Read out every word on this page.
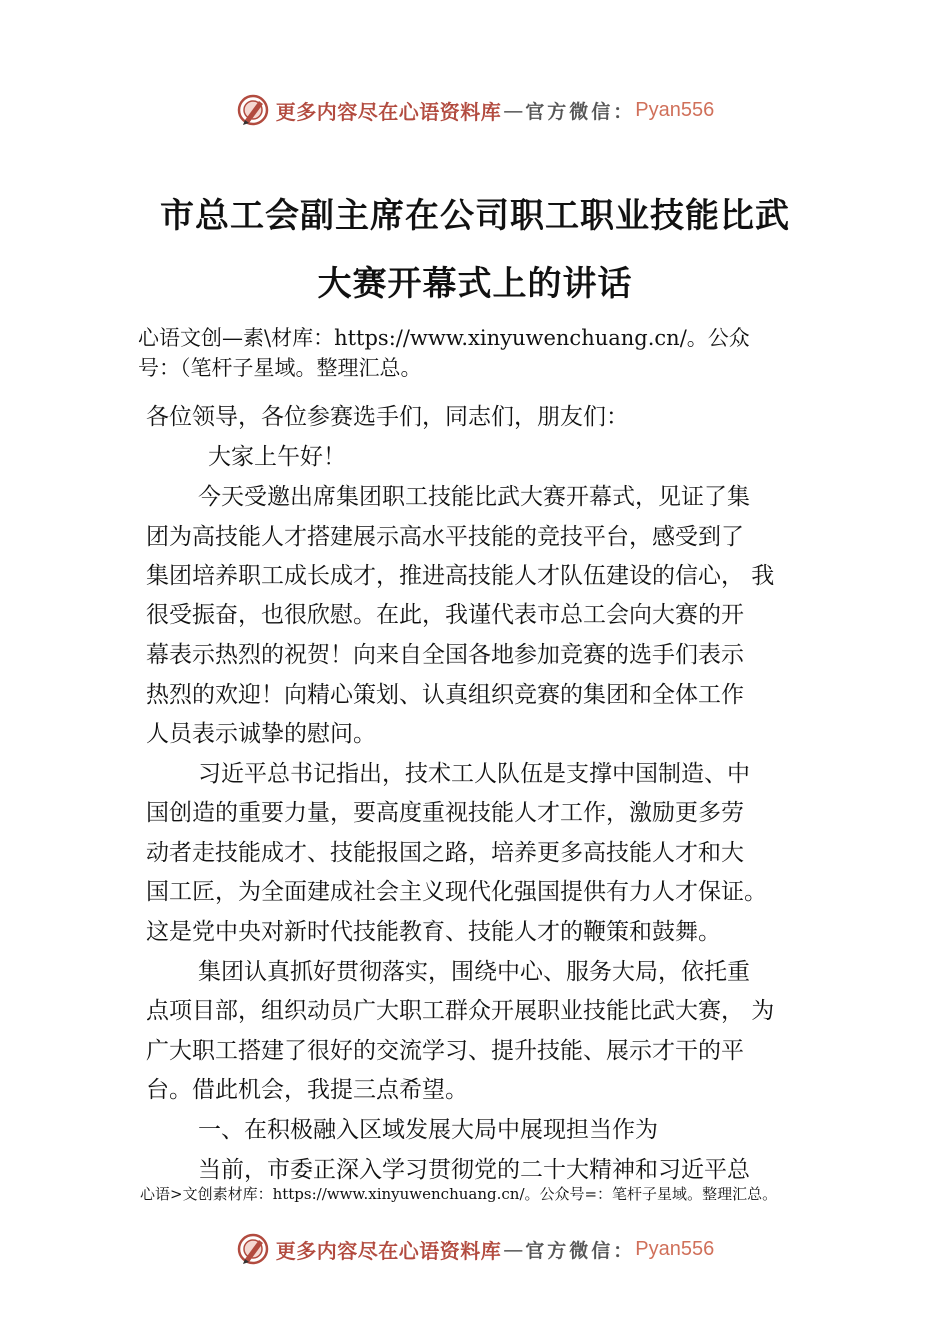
更多内容尽在心语资料库 — 官方微信： Pyan556
市总工会副主席在公司职工职业技能比武
大赛开幕式上的讲话
心语文创—素\材库：https://www.xinyuwenchuang.cn/。公众
号：（笔杆子星域。整理汇总。
各位领导，各位参赛选手们，同志们，朋友们：
大家上午好！
今天受邀出席集团职工技能比武大赛开幕式，见证了集
团为高技能人才搭建展示高水平技能的竞技平台，感受到了
集团培养职工成长成才，推进高技能人才队伍建设的信心， 我
很受振奋，也很欣慰。在此，我谨代表市总工会向大赛的开
幕表示热烈的祝贺！向来自全国各地参加竞赛的选手们表示
热烈的欢迎！向精心策划、认真组织竞赛的集团和全体工作
人员表示诚挚的慰问。
习近平总书记指出，技术工人队伍是支撑中国制造、中
国创造的重要力量，要高度重视技能人才工作，激励更多劳
动者走技能成才、技能报国之路，培养更多高技能人才和大
国工匠，为全面建成社会主义现代化强国提供有力人才保证。
这是党中央对新时代技能教育、技能人才的鞭策和鼓舞。
集团认真抓好贯彻落实，围绕中心、服务大局，依托重
点项目部，组织动员广大职工群众开展职业技能比武大赛， 为
广大职工搭建了很好的交流学习、提升技能、展示才干的平
台。借此机会，我提三点希望。
一、在积极融入区域发展大局中展现担当作为
当前，市委正深入学习贯彻党的二十大精神和习近平总
心语>文创素材库：https://www.xinyuwenchuang.cn/。公众号=：笔杆子星域。整理汇总。
更多内容尽在心语资料库 — 官方微信： Pyan556
